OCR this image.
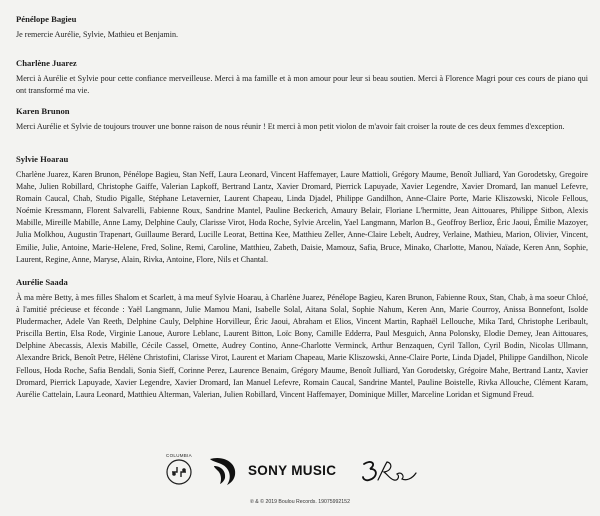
Pénélope Bagieu

Je remercie Aurélie, Sylvie, Mathieu et Benjamin.

Charlène Juarez

Merci à Aurélie et Sylvie pour cette confiance merveilleuse. Merci à ma famille et à mon amour pour leur si beau soutien. Merci à Florence Magri pour ces cours de piano qui ont transformé ma vie.

Karen Brunon

Merci Aurélie et Sylvie de toujours trouver une bonne raison de nous réunir ! Et merci à mon petit violon de m'avoir fait croiser la route de ces deux femmes d'exception.

Sylvie Hoarau

Charlène Juarez, Karen Brunon, Pénélope Bagieu, Stan Neff, Laura Leonard, Vincent Haffemayer, Laure Mattioli, Grégory Maume, Benoît Julliard, Yan Gorodetsky, Gregoire Mahe, Julien Robillard, Christophe Gaiffe, Valerian Lapkoff, Bertrand Lantz, Xavier Dromard, Pierrick Lapuyade, Xavier Legendre, Xavier Dromard, Ian manuel Lefevre, Romain Caucal, Chab, Studio Pigalle, Stéphane Letavernier, Laurent Chapeau, Linda Djadel, Philippe Gandilhon, Anne-Claire Porte, Marie Kliszowski, Nicole Fellous, Noémie Kressmann, Florent Salvarelli, Fabienne Roux, Sandrine Mantel, Pauline Beckerich, Amaury Belair, Floriane L'hermitte, Jean Aittouares, Philippe Sitbon, Alexis Mabille, Mireille Mabille, Anne Lamy, Delphine Cauly, Clarisse Virot, Hoda Roche, Sylvie Arcelin, Yael Langmann, Marlon B., Geoffroy Berlioz, Éric Jaoui, Émilie Mazoyer, Julia Molkhou, Augustin Trapenart, Guillaume Berard, Lucille Leorat, Bettina Kee, Matthieu Zeller, Anne-Claire Lebelt, Audrey, Verlaine, Mathieu, Marion, Olivier, Vincent, Emilie, Julie, Antoine, Marie-Helene, Fred, Soline, Remi, Caroline, Matthieu, Zabeth, Daisie, Mamouz, Safia, Bruce, Minako, Charlotte, Manou, Naïade, Keren Ann, Sophie, Laurent, Regine, Anne, Maryse, Alain, Rivka, Antoine, Flore, Nils et Chantal.

Aurélie Saada

À ma mère Betty, à mes filles Shalom et Scarlett, à ma meuf Sylvie Hoarau, à Charlène Juarez, Pénélope Bagieu, Karen Brunon, Fabienne Roux, Stan, Chab, à ma soeur Chloé, à l'amitié précieuse et féconde : Yaël Langmann, Julie Mamou Mani, Isabelle Solal, Aitana Solal, Sophie Nahum, Keren Ann, Marie Courroy, Anissa Bonnefont, Isolde Pludermacher, Adele Van Reeth, Delphine Cauly, Delphine Horvilleur, Éric Jaoui, Abraham et Elios, Vincent Martin, Raphaël Lellouche, Mika Tard, Christophe Leribault, Priscilla Bertin, Elsa Rode, Virginie Lanoue, Aurore Leblanc, Laurent Bitton, Loïc Bony, Camille Edderra, Paul Mesguich, Anna Polonsky, Elodie Demey, Jean Aittouares, Delphine Abecassis, Alexis Mabille, Cécile Cassel, Ornette, Audrey Contino, Anne-Charlotte Verminck, Arthur Benzaquen, Cyril Tallon, Cyril Bodin, Nicolas Ullmann, Alexandre Brick, Benoît Petre, Hélène Christofini, Clarisse Virot, Laurent et Mariam Chapeau, Marie Kliszowski, Anne-Claire Porte, Linda Djadel, Philippe Gandilhon, Nicole Fellous, Hoda Roche, Safia Bendali, Sonia Sieff, Corinne Perez, Laurence Benaim, Grégory Maume, Benoît Julliard, Yan Gorodetsky, Grégoire Mahe, Bertrand Lantz, Xavier Dromard, Pierrick Lapuyade, Xavier Legendre, Xavier Dromard, Ian Manuel Lefevre, Romain Caucal, Sandrine Mantel, Pauline Boistelle, Rivka Allouche, Clément Karam, Aurélie Cattelain, Laura Leonard, Matthieu Alterman, Valerian, Julien Robillard, Vincent Haffemayer, Dominique Miller, Marceline Loridan et Sigmund Freud.

COLUMBIA
SONY MUSIC
℗ & © 2019 Boulou Records. 19075992152
